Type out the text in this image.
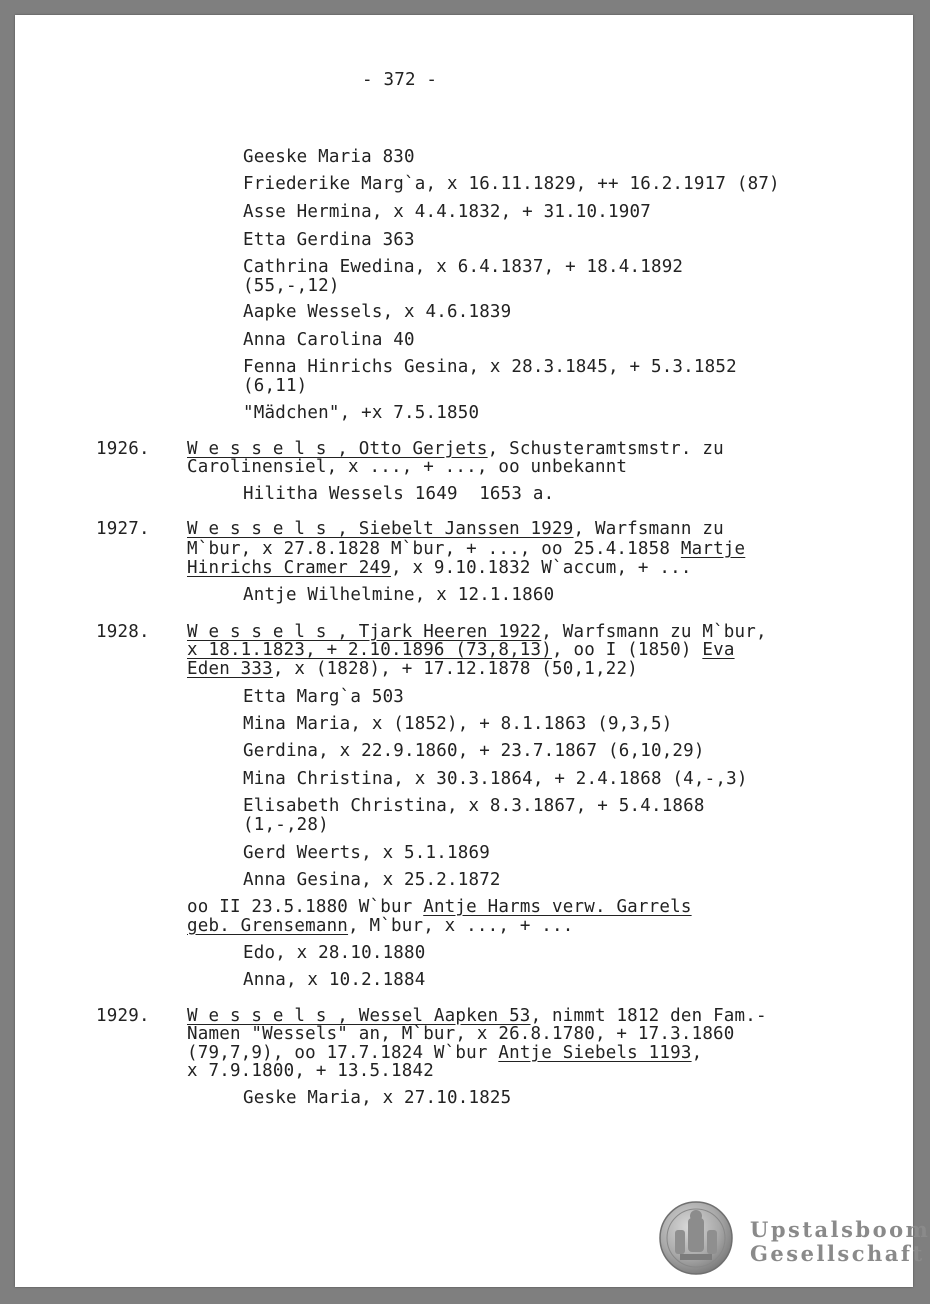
- 372 -
Geeske Maria 830
Friederike Marg`a, x 16.11.1829, ++ 16.2.1917 (87)
Asse Hermina, x 4.4.1832, + 31.10.1907
Etta Gerdina 363
Cathrina Ewedina, x 6.4.1837, + 18.4.1892
(55,-,12)
Aapke Wessels, x 4.6.1839
Anna Carolina 40
Fenna Hinrichs Gesina, x 28.3.1845, + 5.3.1852
(6,11)
"Mädchen", +x 7.5.1850
1926. W e s s e l s , Otto Gerjets, Schusteramtsmstr. zu
Carolinensiel, x ..., + ..., oo unbekannt
Hilitha Wessels 1649  1653 a.
1927. W e s s e l s , Siebelt Janssen 1929, Warfsmann zu
M`bur, x 27.8.1828 M`bur, + ..., oo 25.4.1858 Martje
Hinrichs Cramer 249, x 9.10.1832 W`accum, + ...
Antje Wilhelmine, x 12.1.1860
1928. W e s s e l s , Tjark Heeren 1922, Warfsmann zu M`bur,
x 18.1.1823, + 2.10.1896 (73,8,13), oo I (1850) Eva
Eden 333, x (1828), + 17.12.1878 (50,1,22)
Etta Marg`a 503
Mina Maria, x (1852), + 8.1.1863 (9,3,5)
Gerdina, x 22.9.1860, + 23.7.1867 (6,10,29)
Mina Christina, x 30.3.1864, + 2.4.1868 (4,-,3)
Elisabeth Christina, x 8.3.1867, + 5.4.1868
(1,-,28)
Gerd Weerts, x 5.1.1869
Anna Gesina, x 25.2.1872
oo II 23.5.1880 W`bur Antje Harms verw. Garrels
geb. Grensemann, M`bur, x ..., + ...
Edo, x 28.10.1880
Anna, x 10.2.1884
1929. W e s s e l s , Wessel Aapken 53, nimmt 1812 den Fam.-
Namen "Wessels" an, M`bur, x 26.8.1780, + 17.3.1860
(79,7,9), oo 17.7.1824 W`bur Antje Siebels 1193,
x 7.9.1800, + 13.5.1842
Geske Maria, x 27.10.1825
Upstalsboom
Gesellschaft
